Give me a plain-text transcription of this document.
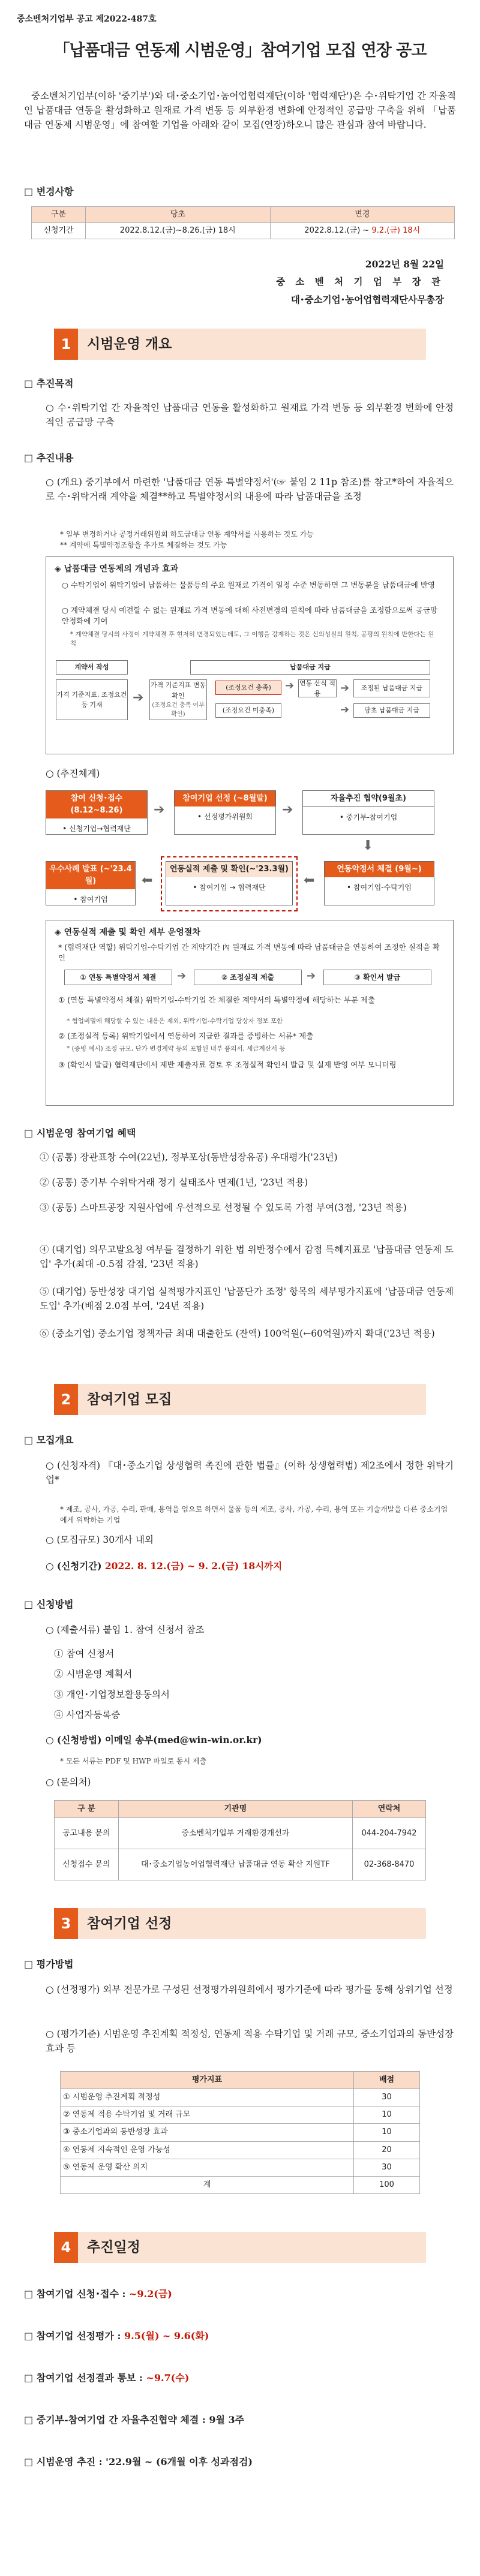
중소벤처기업부 공고 제2022-487호
「납품대금 연동제 시범운영」참여기업 모집 연장 공고
중소벤처기업부(이하 '중기부')와 대･중소기업･농어업협력재단(이하 '협력재단')은 수･위탁기업 간 자율적인 납품대금 연동을 활성화하고 원재료 가격 변동 등 외부환경 변화에 안정적인 공급망 구축을 위해 「납품대금 연동제 시범운영」에 참여할 기업을 아래와 같이 모집(연장)하오니 많은 관심과 참여 바랍니다.
□ 변경사항
구분	당초	변경
신청기간	2022.8.12.(금)~8.26.(금) 18시	2022.8.12.(금) ~ 9.2.(금) 18시
2022년 8월 22일
중 소 벤 처 기 업 부 장 관
대･중소기업･농어업협력재단사무총장
1	시범운영 개요
□ 추진목적
○ 수･위탁기업 간 자율적인 납품대금 연동을 활성화하고 원재료 가격 변동 등 외부환경 변화에 안정적인 공급망 구축
□ 추진내용
○ (개요) 중기부에서 마련한 '납품대금 연동 특별약정서'(☞ 붙임 2 11p 참조)를 참고*하여 자율적으로 수･위탁거래 계약을 체결**하고 특별약정서의 내용에 따라 납품대금을 조정
* 일부 변경하거나 공정거래위원회 하도급대금 연동 계약서를 사용하는 것도 가능
** 계약에 특별약정조항을 추가로 체결하는 것도 가능
◈ 납품대금 연동제의 개념과 효과
○ 수탁기업이 위탁기업에 납품하는 물품등의 주요 원재료 가격이 일정 수준 변동하면 그 변동분을 납품대금에 반영
○ 계약체결 당시 예견할 수 없는 원재료 가격 변동에 대해 사전변경의 원칙에 따라 납품대금을 조정함으로써 공급망 안정화에 기여
* 계약체결 당시의 사정이 계약체결 후 현저히 변경되었는데도, 그 이행을 강제하는 것은 신의성실의 원칙, 공평의 원칙에 반한다는 원칙
계약서 작성	납품대금 지급
가격 기준지표, 조정요건 등 기재	➔
가격 기준지표 변동 확인
(조정요건 충족 여부 확인)
(조정요건 충족)
(조정요건 미충족)
➔ 연동 산식 적용	➔	조정된 납품대금 지급
➔	당초 납품대금 지급
○ (추진체계)
참여 신청･접수 (8.12~8.26)
• 신청기업→협력재단
➔
참여기업 선정 (~8월말)
• 선정평가위원회	➔
자율추진 협약(9월초)
• 중기부-참여기업
⬇
우수사례 발표 (~'23.4월)
• 참여기업
⬅
연동실적 제출 및 확인(~'23.3월)
• 참여기업 → 협력재단	⬅
연동약정서 체결 (9월~)
• 참여기업-수탁기업
◈ 연동실적 제출 및 확인 세부 운영절차
* (협력재단 역할) 위탁기업-수탁기업 간 계약기간 內 원재료 가격 변동에 따라 납품대금을 연동하여 조정한 실적을 확인
① 연동 특별약정서 체결	➔	② 조정실적 제출	➔	③ 확인서 발급
① (연동 특별약정서 체결) 위탁기업-수탁기업 간 체결한 계약서의 특별약정에 해당하는 부분 제출
* 협업비밀에 해당할 수 있는 내용은 제외, 위탁기업-수탁기업 당상자 정보 포함
② (조정실적 등록) 위탁기업에서 연동하여 지급한 결과를 증빙하는 서류* 제출
* (증빙 예시) 조정 규모, 단가 변경계약 등의 포함된 내부 품의서, 세금계산서 등
③ (확인서 발급) 협력재단에서 제반 제출자료 검토 후 조정실적 확인서 발급 및 실제 반영 여부 모니터링
□ 시범운영 참여기업 혜택
① (공통) 장관표창 수여(22년), 정부포상(동반성장유공) 우대평가('23년)
② (공통) 중기부 수위탁거래 정기 실태조사 면제(1년, '23년 적용)
③ (공통) 스마트공장 지원사업에 우선적으로 선정될 수 있도록 가점 부여(3점, '23년 적용)
④ (대기업) 의무고발요청 여부를 결정하기 위한 법 위반정수에서 감점 특혜지표로 '납품대금 연동제 도입' 추가(최대 -0.5점 감점, '23년 적용)
⑤ (대기업) 동반성장 대기업 실적평가지표인 '납품단가 조정' 항목의 세부평가지표에 '납품대금 연동제 도입' 추가(배점 2.0점 부여, '24년 적용)
⑥ (중소기업) 중소기업 정책자금 최대 대출한도 (잔액) 100억원(←60억원)까지 확대('23년 적용)
2	참여기업 모집
□ 모집개요
○ (신청자격) 『대･중소기업 상생협력 촉진에 관한 법률』(이하 상생협력법) 제2조에서 정한 위탁기업*
* 제조, 공사, 가공, 수리, 판매, 용역을 업으로 하면서 물품 등의 제조, 공사, 가공, 수리, 용역 또는 기술개발을 다른 중소기업에게 위탁하는 기업
○ (모집규모) 30개사 내외
○ (신청기간) 2022. 8. 12.(금) ~ 9. 2.(금) 18시까지
□ 신청방법
○ (제출서류) 붙임 1. 참여 신청서 참조
① 참여 신청서
② 시범운영 계획서
③ 개인･기업정보활용동의서
④ 사업자등록증
○ (신청방법) 이메일 송부(med@win-win.or.kr)
* 모든 서류는 PDF 및 HWP 파일로 동시 제출
○ (문의처)
구 분	기관명	연락처
공고내용 문의	중소벤처기업부 거래환경개선과	044-204-7942
신청접수 문의	대･중소기업농어업협력재단 납품대금 연동 확산 지원TF	02-368-8470
3	참여기업 선정
□ 평가방법
○ (선정평가) 외부 전문가로 구성된 선정평가위원회에서 평가기준에 따라 평가를 통해 상위기업 선정
○ (평가기준) 시범운영 추진계획 적정성, 연동제 적용 수탁기업 및 거래 규모, 중소기업과의 동반성장 효과 등
평가지표	배점
① 시범운영 추진계획 적정성	30
② 연동제 적용 수탁기업 및 거래 규모	10
③ 중소기업과의 동반성장 효과	10
④ 연동제 지속적인 운영 가능성	20
⑤ 연동제 운영 확산 의지	30
계	100
4	추진일정
□ 참여기업 신청･접수 : ~9.2(금)
□ 참여기업 선정평가 : 9.5(월) ~ 9.6(화)
□ 참여기업 선정결과 통보 : ~9.7(수)
□ 중기부-참여기업 간 자율추진협약 체결 : 9월 3주
□ 시범운영 추진 : '22.9월 ~ (6개월 이후 성과점검)
